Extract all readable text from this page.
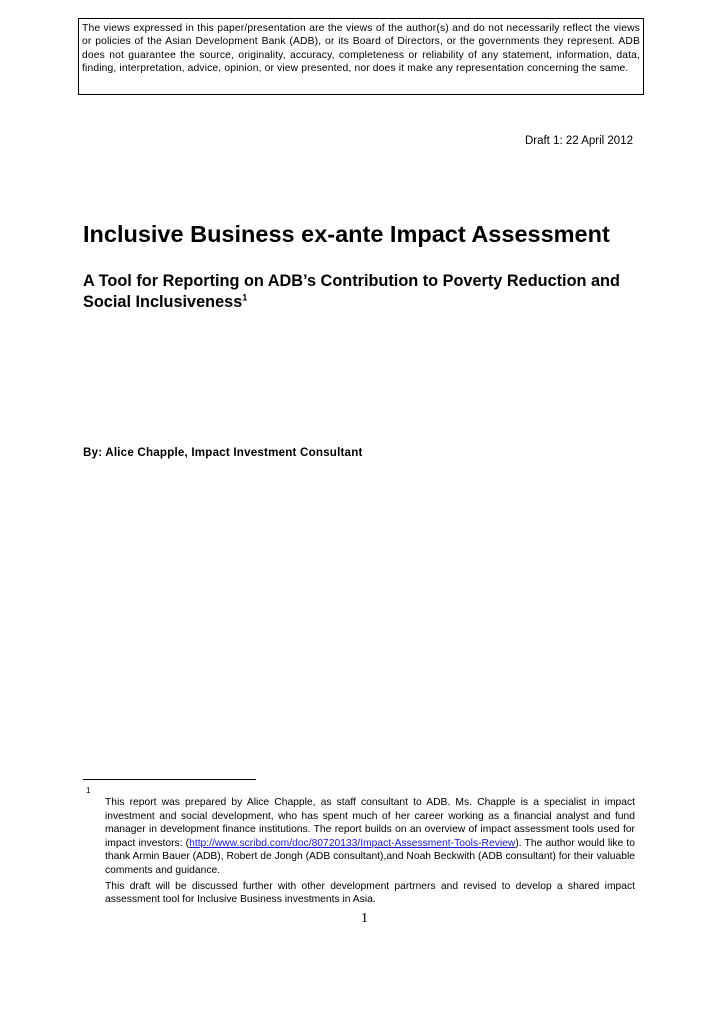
The views expressed in this paper/presentation are the views of the author(s) and do not necessarily reflect the views or policies of the Asian Development Bank (ADB), or its Board of Directors, or the governments they represent. ADB does not guarantee the source, originality, accuracy, completeness or reliability of any statement, information, data, finding, interpretation, advice, opinion, or view presented, nor does it make any representation concerning the same.

Draft 1: 22 April 2012
Inclusive Business ex-ante Impact Assessment
A Tool for Reporting on ADB’s Contribution to Poverty Reduction and Social Inclusiveness$^1$

By: Alice Chapple, Impact Investment Consultant

1

This report was prepared by Alice Chapple, as staff consultant to ADB. Ms. Chapple is a specialist in impact investment and social development, who has spent much of her career working as a financial analyst and fund manager in development finance institutions. The report builds on an overview of impact assessment tools used for impact investors: (http://www.scribd.com/doc/80720133/Impact-Assessment-Tools-Review). The author would like to thank Armin Bauer (ADB), Robert de Jongh (ADB consultant),and Noah Beckwith (ADB consultant) for their valuable comments and guidance.

This draft will be discussed further with other development partrners and revised to develop a shared impact assessment tool for Inclusive Business investments in Asia.

1
